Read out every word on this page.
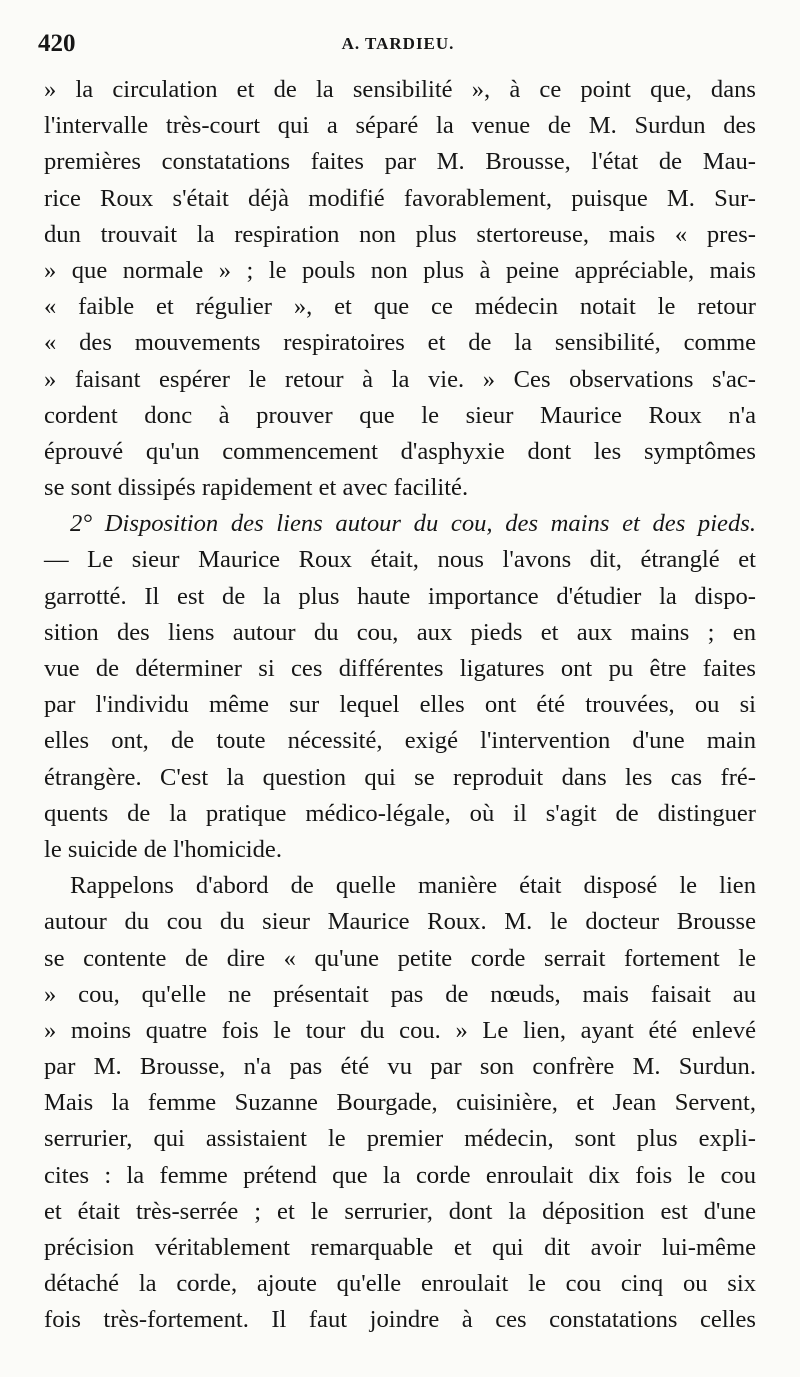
420	A. TARDIEU.
» la circulation et de la sensibilité », à ce point que, dans
l'intervalle très-court qui a séparé la venue de M. Surdun des
premières constatations faites par M. Brousse, l'état de Mau-
rice Roux s'était déjà modifié favorablement, puisque M. Sur-
dun trouvait la respiration non plus stertoreuse, mais « pres-
» que normale » ; le pouls non plus à peine appréciable, mais
« faible et régulier », et que ce médecin notait le retour
« des mouvements respiratoires et de la sensibilité, comme
» faisant espérer le retour à la vie. » Ces observations s'ac-
cordent donc à prouver que le sieur Maurice Roux n'a
éprouvé qu'un commencement d'asphyxie dont les symptômes
se sont dissipés rapidement et avec facilité.
2° Disposition des liens autour du cou, des mains et des pieds.
— Le sieur Maurice Roux était, nous l'avons dit, étranglé et
garrotté. Il est de la plus haute importance d'étudier la dispo-
sition des liens autour du cou, aux pieds et aux mains ; en
vue de déterminer si ces différentes ligatures ont pu être faites
par l'individu même sur lequel elles ont été trouvées, ou si
elles ont, de toute nécessité, exigé l'intervention d'une main
étrangère. C'est la question qui se reproduit dans les cas fré-
quents de la pratique médico-légale, où il s'agit de distinguer
le suicide de l'homicide.
Rappelons d'abord de quelle manière était disposé le lien
autour du cou du sieur Maurice Roux. M. le docteur Brousse
se contente de dire « qu'une petite corde serrait fortement le
» cou, qu'elle ne présentait pas de nœuds, mais faisait au
» moins quatre fois le tour du cou. » Le lien, ayant été enlevé
par M. Brousse, n'a pas été vu par son confrère M. Surdun.
Mais la femme Suzanne Bourgade, cuisinière, et Jean Servent,
serrurier, qui assistaient le premier médecin, sont plus expli-
cites : la femme prétend que la corde enroulait dix fois le cou
et était très-serrée ; et le serrurier, dont la déposition est d'une
précision véritablement remarquable et qui dit avoir lui-même
détaché la corde, ajoute qu'elle enroulait le cou cinq ou six
fois très-fortement. Il faut joindre à ces constatations celles
